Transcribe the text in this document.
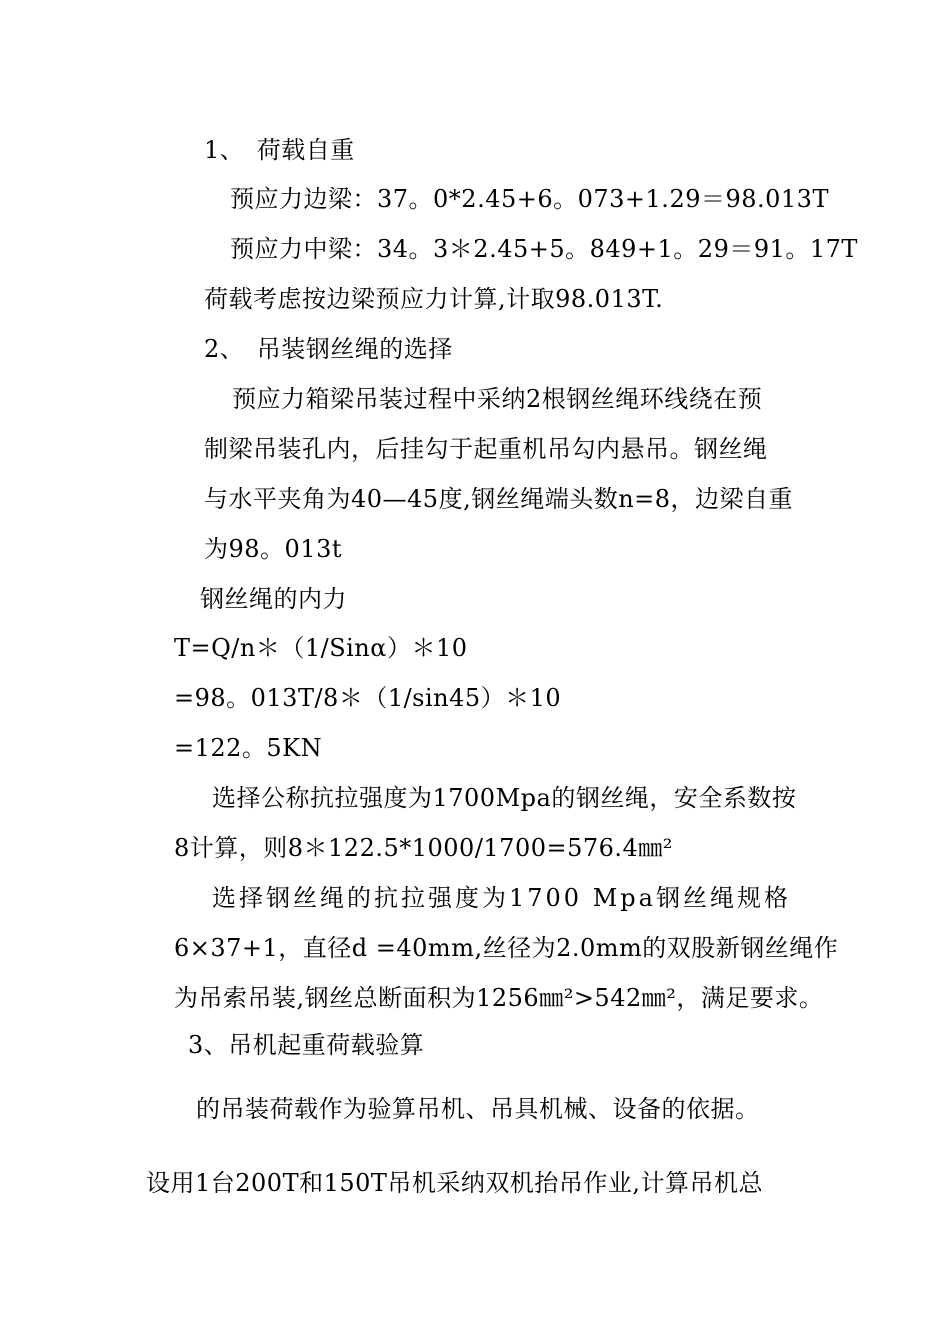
1、　荷载自重
预应力边梁：37。0*2.45+6。073+1.29＝98.013T
预应力中梁：34。3＊2.45+5。849+1。29＝91。17T
荷载考虑按边梁预应力计算,计取98.013T.
2、　吊装钢丝绳的选择
预应力箱梁吊装过程中采纳2根钢丝绳环线绕在预
制梁吊装孔内，后挂勾于起重机吊勾内悬吊。钢丝绳
与水平夹角为40—45度,钢丝绳端头数n=8，边梁自重
为98。013t
钢丝绳的内力
T=Q/n＊（1/Sinα）＊10
=98。013T/8＊（1/sin45）＊10
=122。5KN
选择公称抗拉强度为1700Mpa的钢丝绳，安全系数按
8计算，则8＊122.5*1000/1700=576.4㎜²
选择钢丝绳的抗拉强度为1700 Mpa钢丝绳规格
6×37+1，直径d =40mm,丝径为2.0mm的双股新钢丝绳作
为吊索吊装,钢丝总断面积为1256㎜²>542㎜²，满足要求。
3、吊机起重荷载验算
的吊装荷载作为验算吊机、吊具机械、设备的依据。
设用1台200T和150T吊机采纳双机抬吊作业,计算吊机总
